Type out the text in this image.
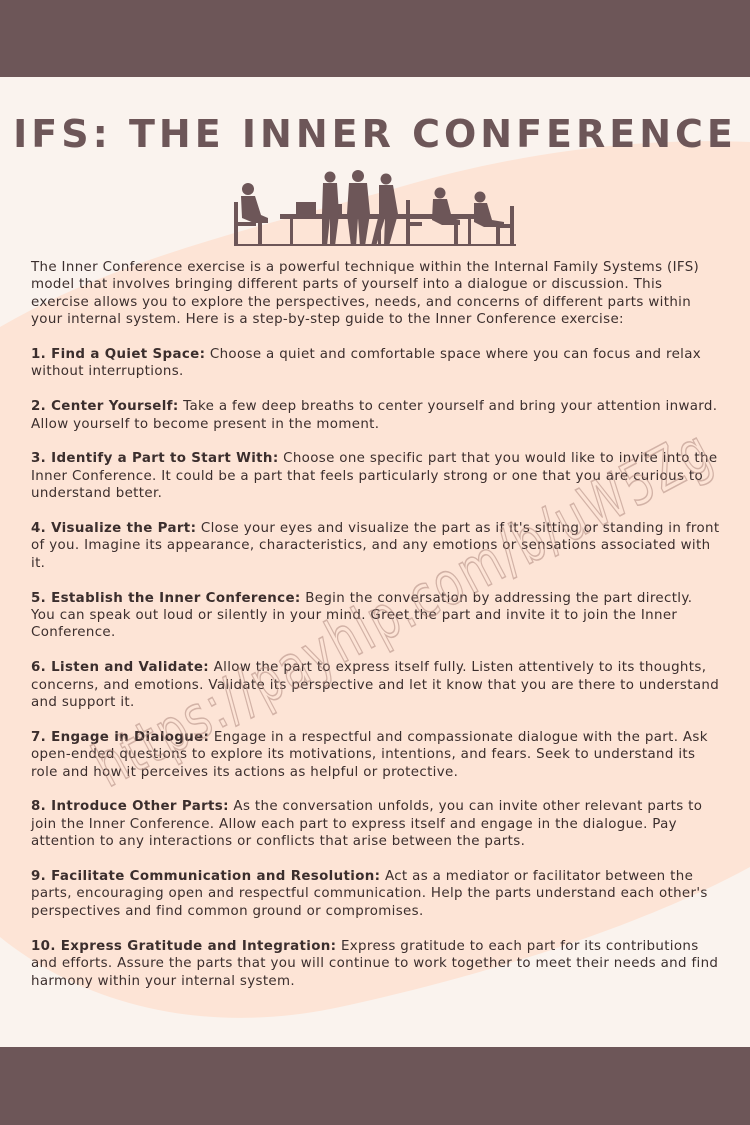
IFS: THE INNER CONFERENCE

The Inner Conference exercise is a powerful technique within the Internal Family Systems (IFS) model that involves bringing different parts of yourself into a dialogue or discussion. This exercise allows you to explore the perspectives, needs, and concerns of different parts within your internal system. Here is a step-by-step guide to the Inner Conference exercise:

1. Find a Quiet Space: Choose a quiet and comfortable space where you can focus and relax without interruptions.

2. Center Yourself: Take a few deep breaths to center yourself and bring your attention inward. Allow yourself to become present in the moment.

3. Identify a Part to Start With: Choose one specific part that you would like to invite into the Inner Conference. It could be a part that feels particularly strong or one that you are curious to understand better.

4. Visualize the Part: Close your eyes and visualize the part as if it's sitting or standing in front of you. Imagine its appearance, characteristics, and any emotions or sensations associated with it.

5. Establish the Inner Conference: Begin the conversation by addressing the part directly. You can speak out loud or silently in your mind. Greet the part and invite it to join the Inner Conference.

6. Listen and Validate: Allow the part to express itself fully. Listen attentively to its thoughts, concerns, and emotions. Validate its perspective and let it know that you are there to understand and support it.

7. Engage in Dialogue: Engage in a respectful and compassionate dialogue with the part. Ask open-ended questions to explore its motivations, intentions, and fears. Seek to understand its role and how it perceives its actions as helpful or protective.

8. Introduce Other Parts: As the conversation unfolds, you can invite other relevant parts to join the Inner Conference. Allow each part to express itself and engage in the dialogue. Pay attention to any interactions or conflicts that arise between the parts.

9. Facilitate Communication and Resolution: Act as a mediator or facilitator between the parts, encouraging open and respectful communication. Help the parts understand each other's perspectives and find common ground or compromises.

10. Express Gratitude and Integration: Express gratitude to each part for its contributions and efforts. Assure the parts that you will continue to work together to meet their needs and find harmony within your internal system.
